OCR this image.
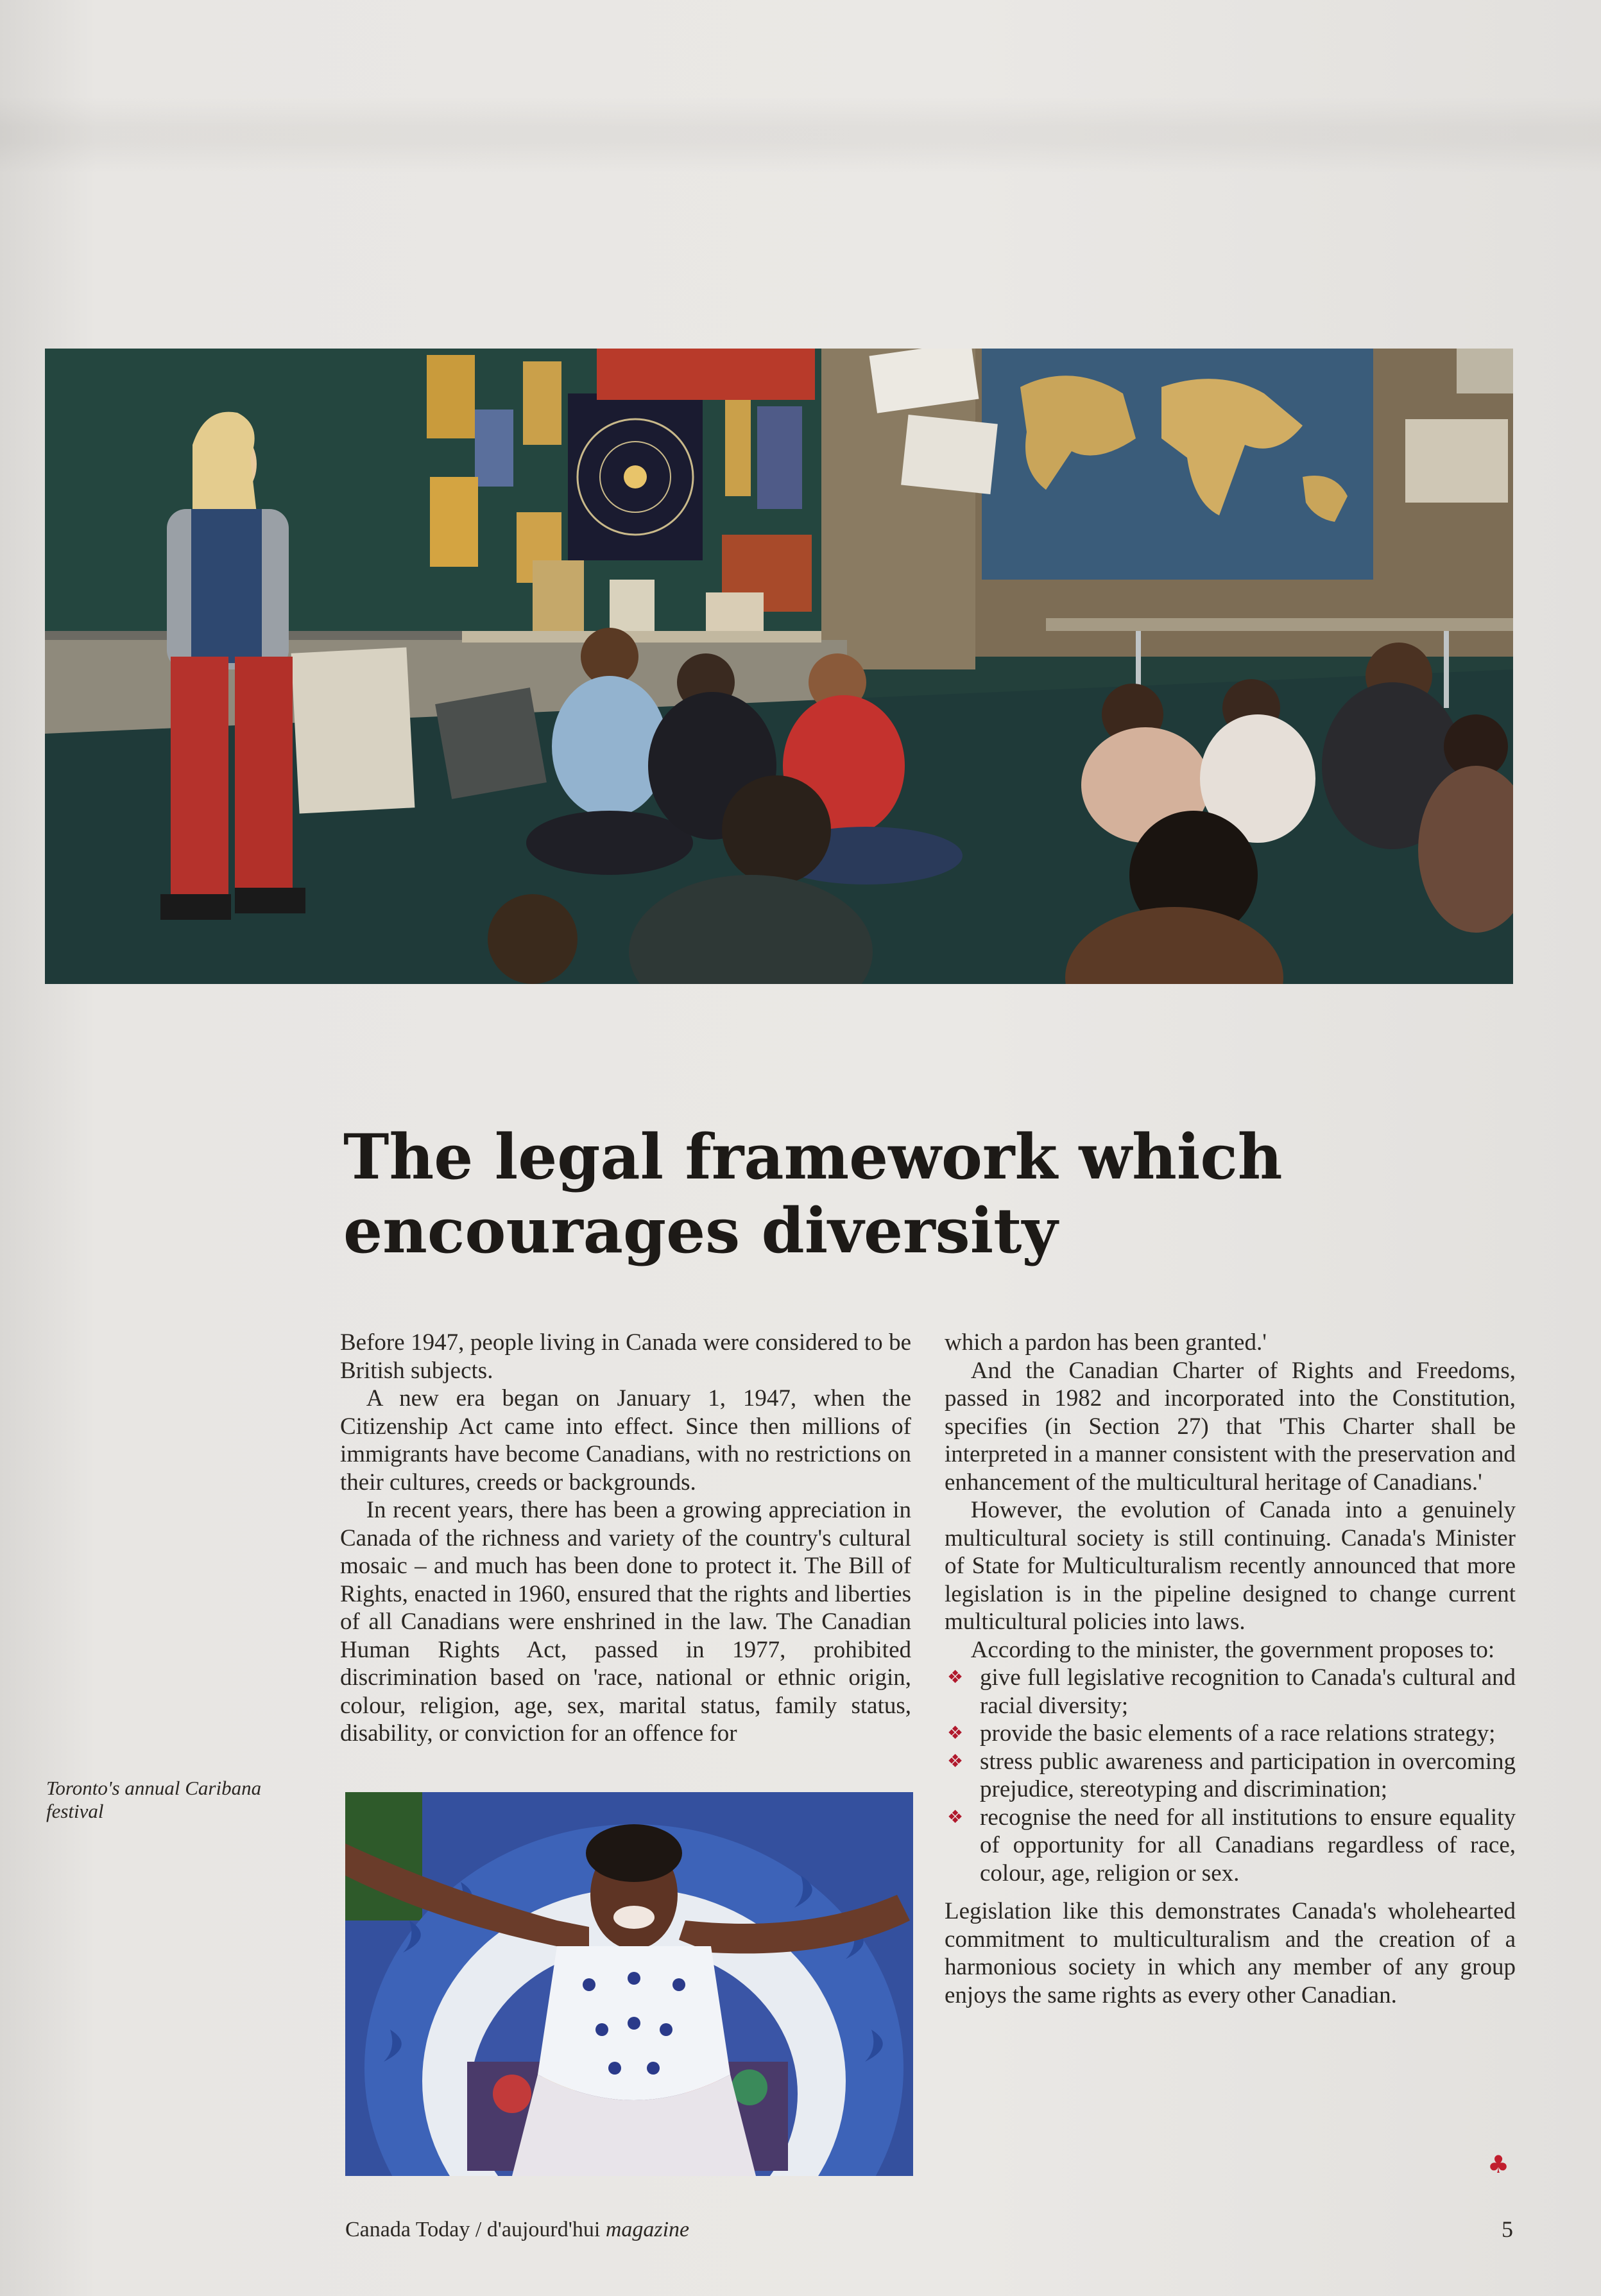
The legal framework which
encourages diversity

Before 1947, people living in Canada were considered to be British subjects.

A new era began on January 1, 1947, when the Citizenship Act came into effect. Since then millions of immigrants have become Canadians, with no restrictions on their cultures, creeds or backgrounds.

In recent years, there has been a growing appreciation in Canada of the richness and variety of the country's cultural mosaic – and much has been done to protect it. The Bill of Rights, enacted in 1960, ensured that the rights and liberties of all Canadians were enshrined in the law. The Canadian Human Rights Act, passed in 1977, prohibited discrimination based on 'race, national or ethnic origin, colour, religion, age, sex, marital status, family status, disability, or conviction for an offence for

which a pardon has been granted.'

And the Canadian Charter of Rights and Freedoms, passed in 1982 and incorporated into the Constitution, specifies (in Section 27) that 'This Charter shall be interpreted in a manner consistent with the preservation and enhancement of the multicultural heritage of Canadians.'

However, the evolution of Canada into a genuinely multicultural society is still continuing. Canada's Minister of State for Multiculturalism recently announced that more legislation is in the pipeline designed to change current multicultural policies into laws.

According to the minister, the government proposes to:

❖ give full legislative recognition to Canada's cultural and racial diversity;
❖ provide the basic elements of a race relations strategy;
❖ stress public awareness and participation in overcoming prejudice, stereotyping and discrimination;
❖ recognise the need for all institutions to ensure equality of opportunity for all Canadians regardless of race, colour, age, religion or sex.

Legislation like this demonstrates Canada's wholehearted commitment to multiculturalism and the creation of a harmonious society in which any member of any group enjoys the same rights as every other Canadian.

♣
Toronto's annual Caribana festival
Canada Today / d'aujourd'hui magazine	5
